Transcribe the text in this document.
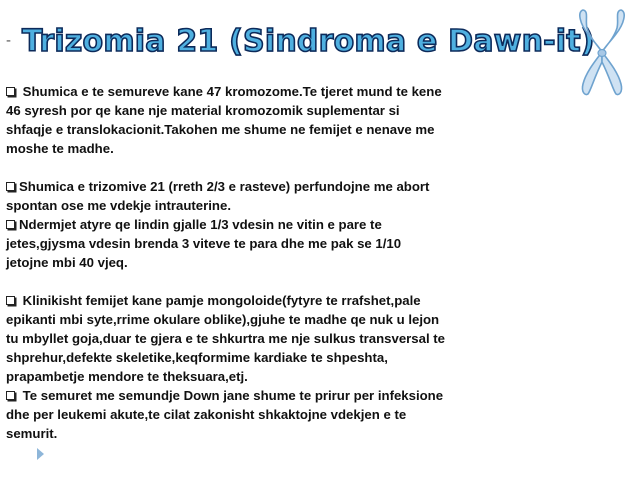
- Trizomia 21 (Sindroma e Dawn-it)
Shumica e te semureve kane 47 kromozome.Te tjeret mund te kene
46 syresh por qe kane nje material kromozomik suplementar si
shfaqje e translokacionit.Takohen me shume ne femijet e nenave me
moshe te madhe.
Shumica e trizomive 21 (rreth 2/3 e rasteve) perfundojne me abort
spontan ose me vdekje intrauterine.
Ndermjet atyre qe lindin gjalle 1/3 vdesin ne vitin e pare te
jetes,gjysma vdesin brenda 3 viteve te para dhe me pak se 1/10
jetojne mbi 40 vjeq.
Klinikisht femijet kane pamje mongoloide(fytyre te rrafshet,pale
epikanti mbi syte,rrime okulare oblike),gjuhe te madhe qe nuk u lejon
tu mbyllet goja,duar te gjera e te shkurtra me nje sulkus transversal te
shprehur,defekte skeletike,keqformime kardiake te shpeshta,
prapambetje mendore te theksuara,etj.
Te semuret me semundje Down jane shume te prirur per infeksione
dhe per leukemi akute,te cilat zakonisht shkaktojne vdekjen e te
semurit.
